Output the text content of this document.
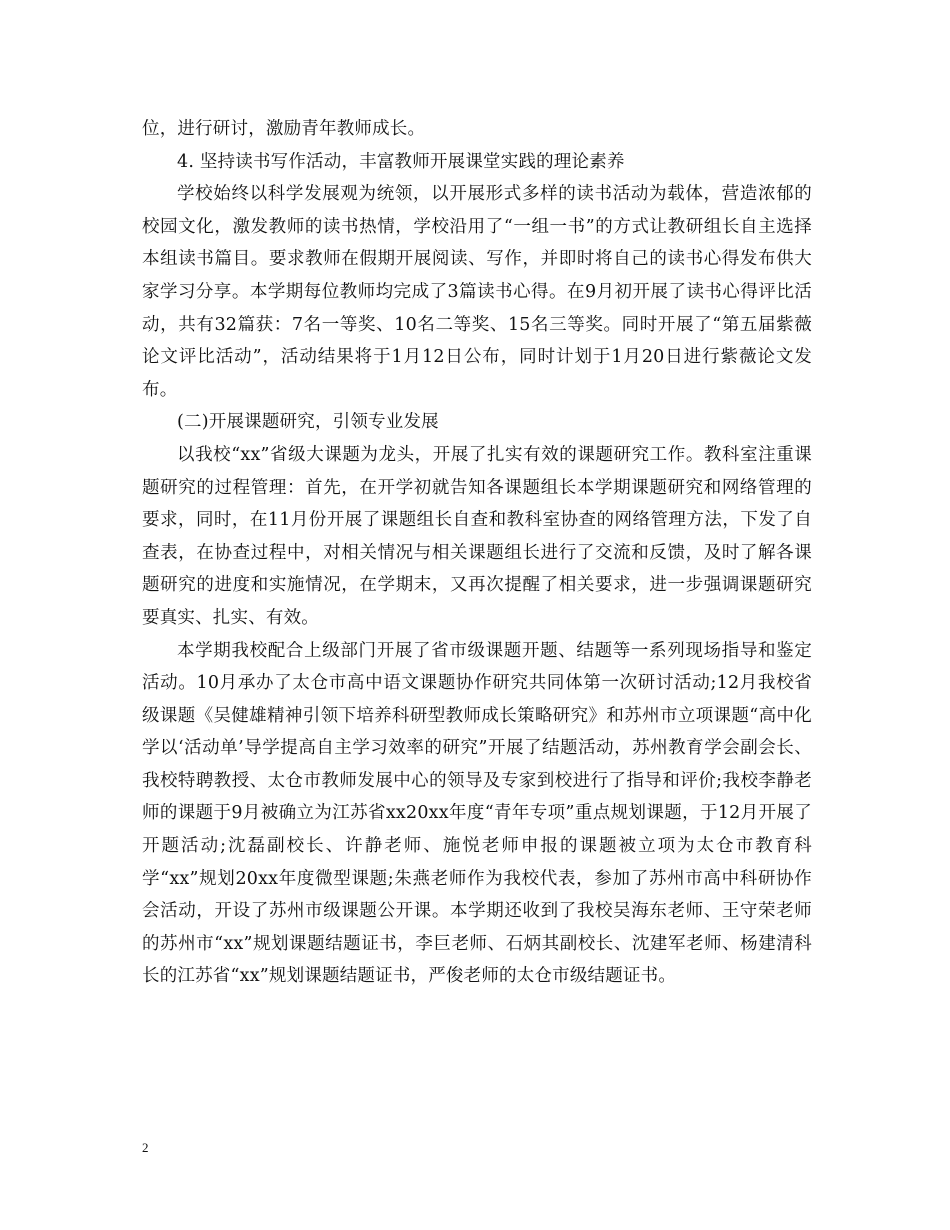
位，进行研讨，激励青年教师成长。

4. 坚持读书写作活动，丰富教师开展课堂实践的理论素养

学校始终以科学发展观为统领，以开展形式多样的读书活动为载体，营造浓郁的校园文化，激发教师的读书热情，学校沿用了“一组一书”的方式让教研组长自主选择本组读书篇目。要求教师在假期开展阅读、写作，并即时将自己的读书心得发布供大家学习分享。本学期每位教师均完成了3篇读书心得。在9月初开展了读书心得评比活动，共有32篇获：7名一等奖、10名二等奖、15名三等奖。同时开展了“第五届紫薇论文评比活动”，活动结果将于1月12日公布，同时计划于1月20日进行紫薇论文发布。

(二)开展课题研究，引领专业发展

以我校“xx”省级大课题为龙头，开展了扎实有效的课题研究工作。教科室注重课题研究的过程管理：首先，在开学初就告知各课题组长本学期课题研究和网络管理的要求，同时，在11月份开展了课题组长自查和教科室协查的网络管理方法，下发了自查表，在协查过程中，对相关情况与相关课题组长进行了交流和反馈，及时了解各课题研究的进度和实施情况，在学期末，又再次提醒了相关要求，进一步强调课题研究要真实、扎实、有效。

本学期我校配合上级部门开展了省市级课题开题、结题等一系列现场指导和鉴定活动。10月承办了太仓市高中语文课题协作研究共同体第一次研讨活动;12月我校省级课题《吴健雄精神引领下培养科研型教师成长策略研究》和苏州市立项课题“高中化学以‘活动单’导学提高自主学习效率的研究”开展了结题活动，苏州教育学会副会长、我校特聘教授、太仓市教师发展中心的领导及专家到校进行了指导和评价;我校李静老师的课题于9月被确立为江苏省xx20xx年度“青年专项”重点规划课题，于12月开展了开题活动;沈磊副校长、许静老师、施悦老师申报的课题被立项为太仓市教育科学“xx”规划20xx年度微型课题;朱燕老师作为我校代表，参加了苏州市高中科研协作会活动，开设了苏州市级课题公开课。本学期还收到了我校吴海东老师、王守荣老师的苏州市“xx”规划课题结题证书，李巨老师、石炳其副校长、沈建军老师、杨建清科长的江苏省“xx”规划课题结题证书，严俊老师的太仓市级结题证书。

2
